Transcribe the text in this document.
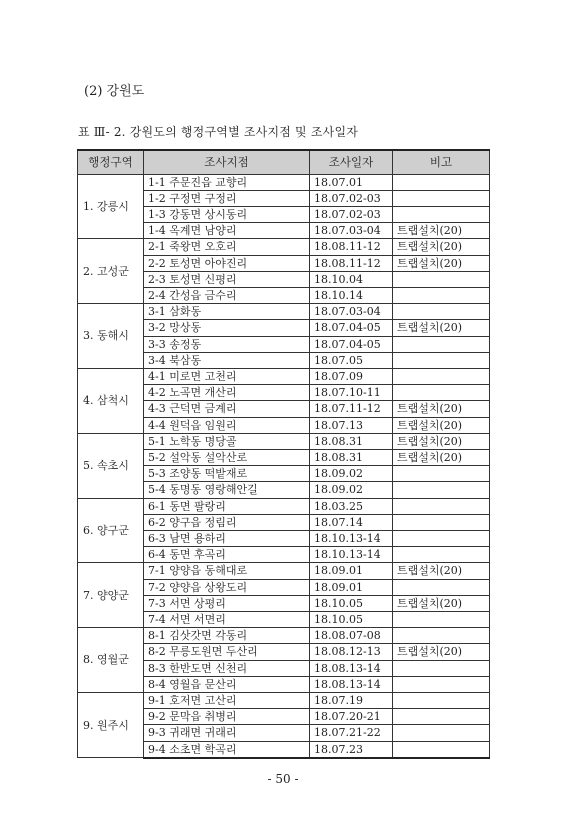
(2) 강원도
표 Ⅲ- 2. 강원도의 행정구역별 조사지점 및 조사일자
행정구역	조사지점	조사일자	비고
1. 강릉시	1-1 주문진읍 교향리	18.07.01	
	1-2 구정면 구정리	18.07.02-03	
	1-3 강동면 상시동리	18.07.02-03	
	1-4 옥계면 남양리	18.07.03-04	트랩설치(20)
2. 고성군	2-1 죽왕면 오호리	18.08.11-12	트랩설치(20)
	2-2 토성면 아야진리	18.08.11-12	트랩설치(20)
	2-3 토성면 신평리	18.10.04	
	2-4 간성읍 금수리	18.10.14	
3. 동해시	3-1 삼화동	18.07.03-04	
	3-2 망상동	18.07.04-05	트랩설치(20)
	3-3 송정동	18.07.04-05	
	3-4 북삼동	18.07.05	
4. 삼척시	4-1 미로면 고천리	18.07.09	
	4-2 노곡면 개산리	18.07.10-11	
	4-3 근덕면 금계리	18.07.11-12	트랩설치(20)
	4-4 원덕읍 임원리	18.07.13	트랩설치(20)
5. 속초시	5-1 노학동 명당골	18.08.31	트랩설치(20)
	5-2 설악동 설악산로	18.08.31	트랩설치(20)
	5-3 조양동 떡밭재로	18.09.02	
	5-4 동명동 영랑해안길	18.09.02	
6. 양구군	6-1 동면 팔랑리	18.03.25	
	6-2 양구읍 정림리	18.07.14	
	6-3 남면 용하리	18.10.13-14	
	6-4 동면 후곡리	18.10.13-14	
7. 양양군	7-1 양양읍 동해대로	18.09.01	트랩설치(20)
	7-2 양양읍 상왕도리	18.09.01	
	7-3 서면 상평리	18.10.05	트랩설치(20)
	7-4 서면 서면리	18.10.05	
8. 영월군	8-1 김삿갓면 각동리	18.08.07-08	
	8-2 무릉도원면 두산리	18.08.12-13	트랩설치(20)
	8-3 한반도면 신천리	18.08.13-14	
	8-4 영월읍 문산리	18.08.13-14	
9. 원주시	9-1 호저면 고산리	18.07.19	
	9-2 문막읍 취병리	18.07.20-21	
	9-3 귀래면 귀래리	18.07.21-22	
	9-4 소초면 학곡리	18.07.23	
- 50 -
